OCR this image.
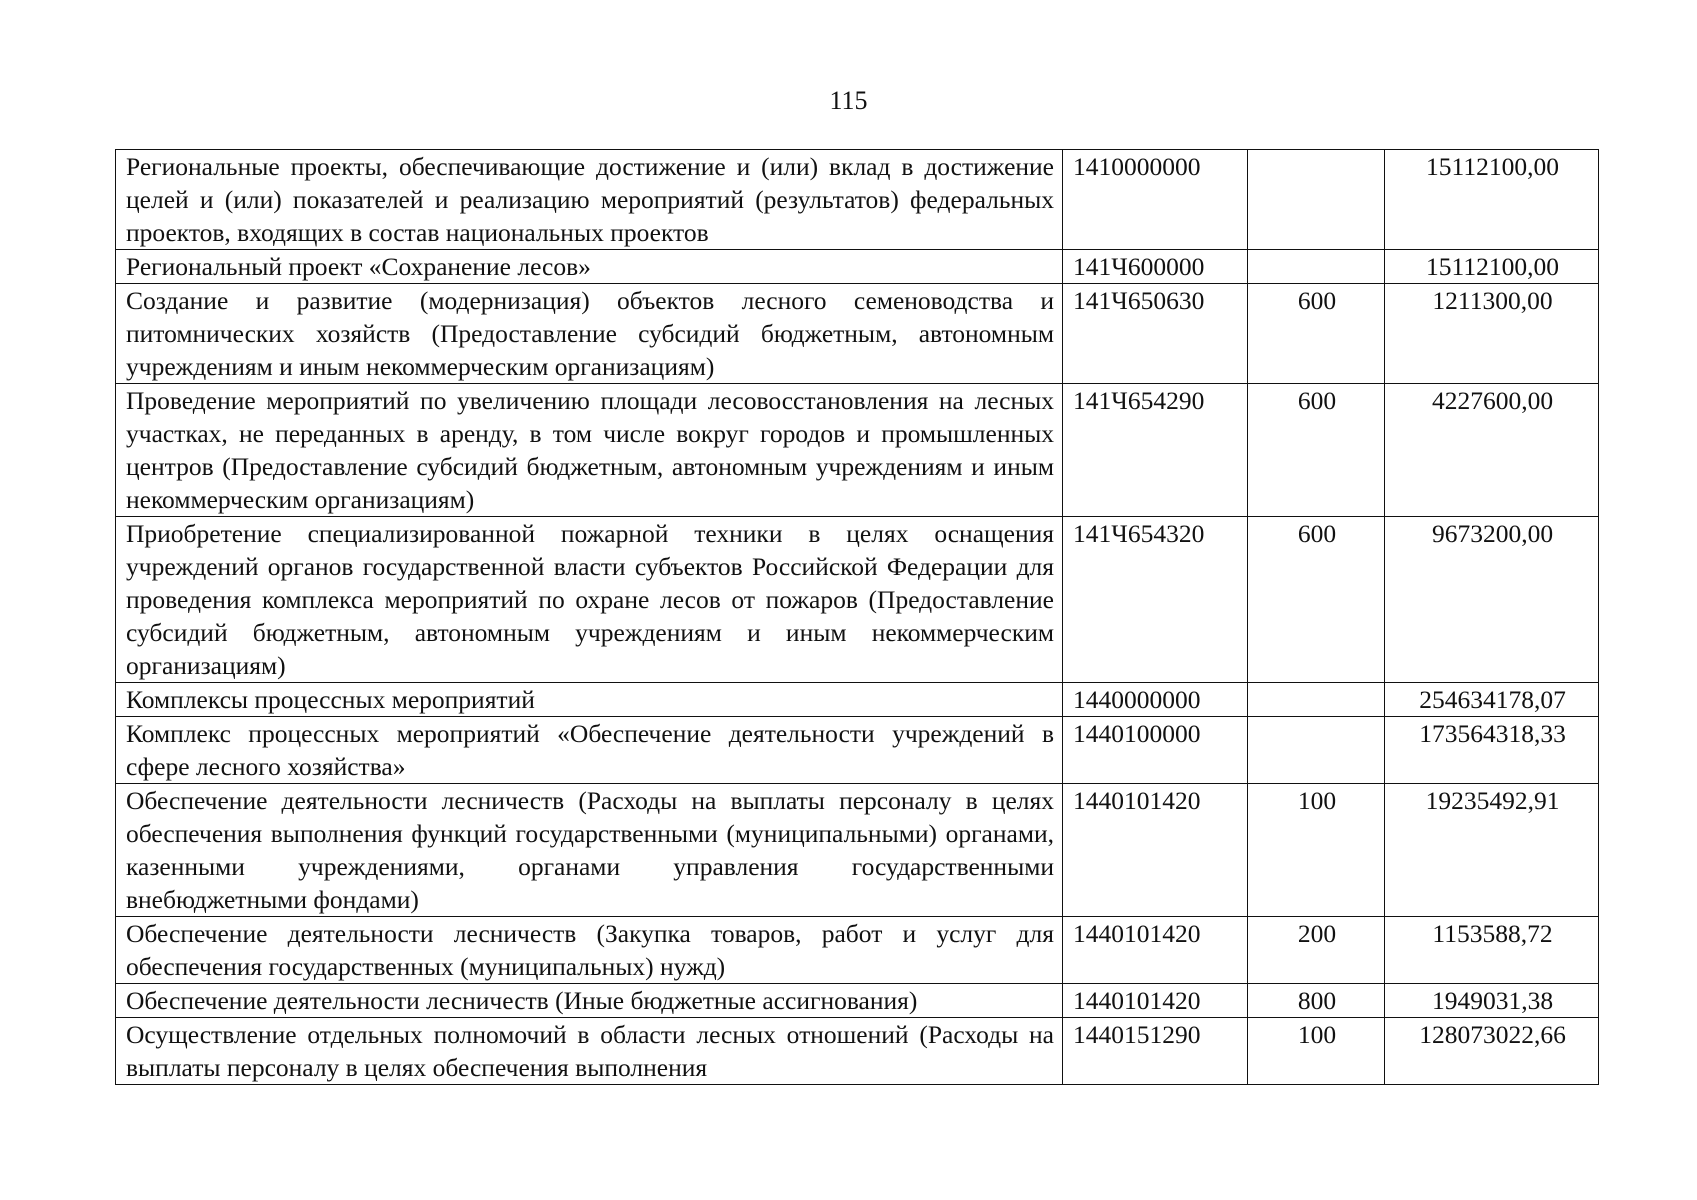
115
Региональные проекты, обеспечивающие достижение и (или) вклад в достижение целей и (или) показателей и реализацию мероприятий (результатов) федеральных проектов, входящих в состав национальных проектов	1410000000		15112100,00
Региональный проект «Сохранение лесов»	141Ч600000		15112100,00
Создание и развитие (модернизация) объектов лесного семеноводства и питомнических хозяйств (Предоставление субсидий бюджетным, автономным учреждениям и иным некоммерческим организациям)	141Ч650630	600	1211300,00
Проведение мероприятий по увеличению площади лесовосстановления на лесных участках, не переданных в аренду, в том числе вокруг городов и промышленных центров (Предоставление субсидий бюджетным, автономным учреждениям и иным некоммерческим организациям)	141Ч654290	600	4227600,00
Приобретение специализированной пожарной техники в целях оснащения учреждений органов государственной власти субъектов Российской Федерации для проведения комплекса мероприятий по охране лесов от пожаров (Предоставление субсидий бюджетным, автономным учреждениям и иным некоммерческим организациям)	141Ч654320	600	9673200,00
Комплексы процессных мероприятий	1440000000		254634178,07
Комплекс процессных мероприятий «Обеспечение деятельности учреждений в сфере лесного хозяйства»	1440100000		173564318,33
Обеспечение деятельности лесничеств (Расходы на выплаты персоналу в целях обеспечения выполнения функций государственными (муниципальными) органами, казенными учреждениями, органами управления государственными внебюджетными фондами)	1440101420	100	19235492,91
Обеспечение деятельности лесничеств (Закупка товаров, работ и услуг для обеспечения государственных (муниципальных) нужд)	1440101420	200	1153588,72
Обеспечение деятельности лесничеств (Иные бюджетные ассигнования)	1440101420	800	1949031,38
Осуществление отдельных полномочий в области лесных отношений (Расходы на выплаты персоналу в целях обеспечения выполнения	1440151290	100	128073022,66
